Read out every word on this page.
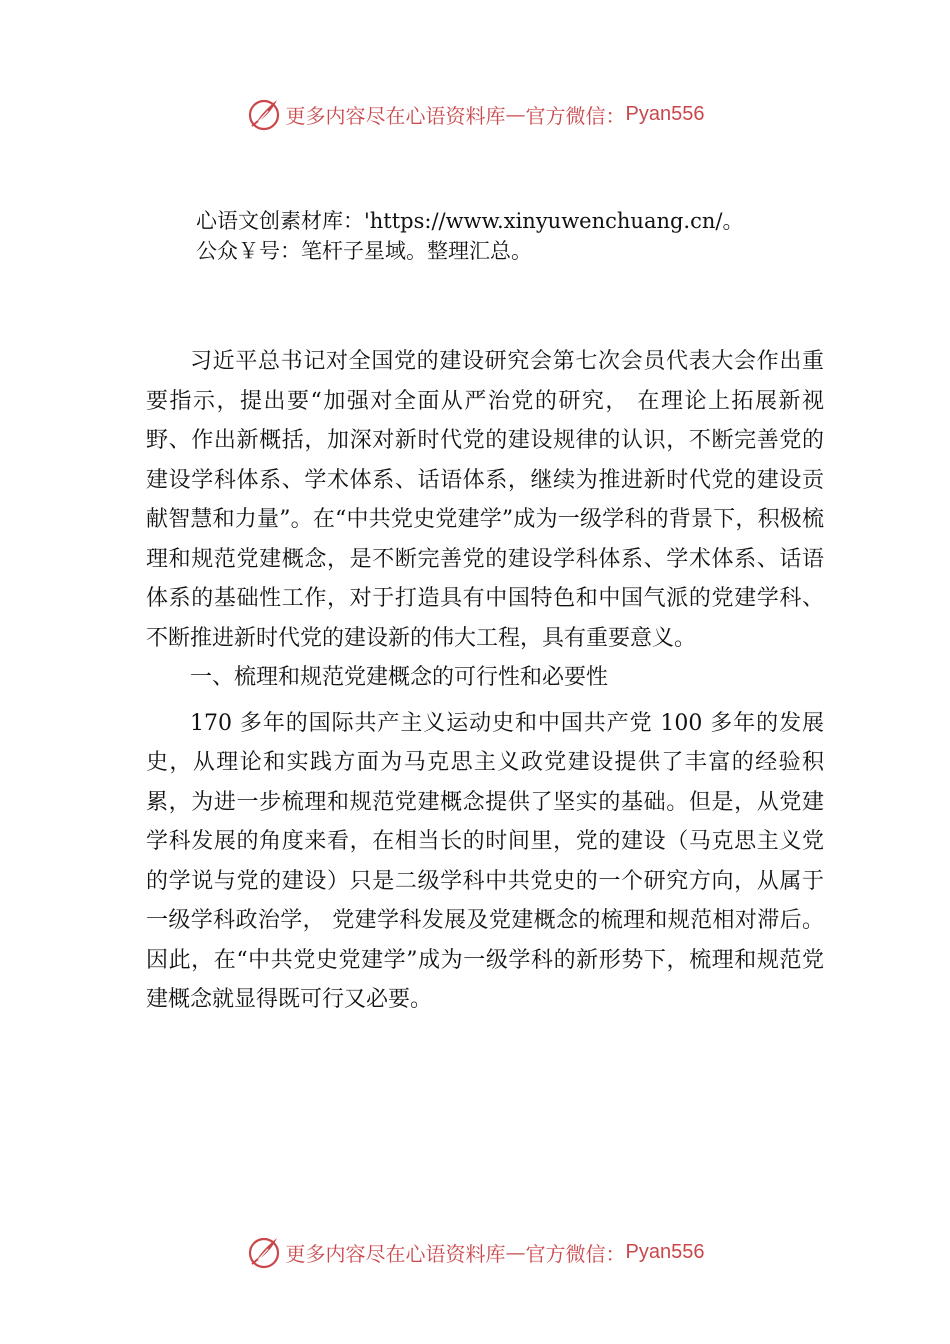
更多内容尽在心语资料库 — 官方微信： Pyan556
心语文创素材库：'https://www.xinyuwenchuang.cn/。
公众￥号：笔杆子星域。整理汇总。

习近平总书记对全国党的建设研究会第七次会员代表大会作出重要指示，提出要“加强对全面从严治党的研究， 在理论上拓展新视野、作出新概括，加深对新时代党的建设规律的认识，不断完善党的建设学科体系、学术体系、话语体系，继续为推进新时代党的建设贡献智慧和力量”。在“中共党史党建学”成为一级学科的背景下，积极梳理和规范党建概念，是不断完善党的建设学科体系、学术体系、话语体系的基础性工作，对于打造具有中国特色和中国气派的党建学科、不断推进新时代党的建设新的伟大工程，具有重要意义。

一、梳理和规范党建概念的可行性和必要性

170 多年的国际共产主义运动史和中国共产党 100 多年的发展史，从理论和实践方面为马克思主义政党建设提供了丰富的经验积累，为进一步梳理和规范党建概念提供了坚实的基础。但是，从党建学科发展的角度来看，在相当长的时间里，党的建设（马克思主义党的学说与党的建设）只是二级学科中共党史的一个研究方向，从属于一级学科政治学， 党建学科发展及党建概念的梳理和规范相对滞后。因此，在“中共党史党建学”成为一级学科的新形势下，梳理和规范党建概念就显得既可行又必要。

更多内容尽在心语资料库 — 官方微信： Pyan556
